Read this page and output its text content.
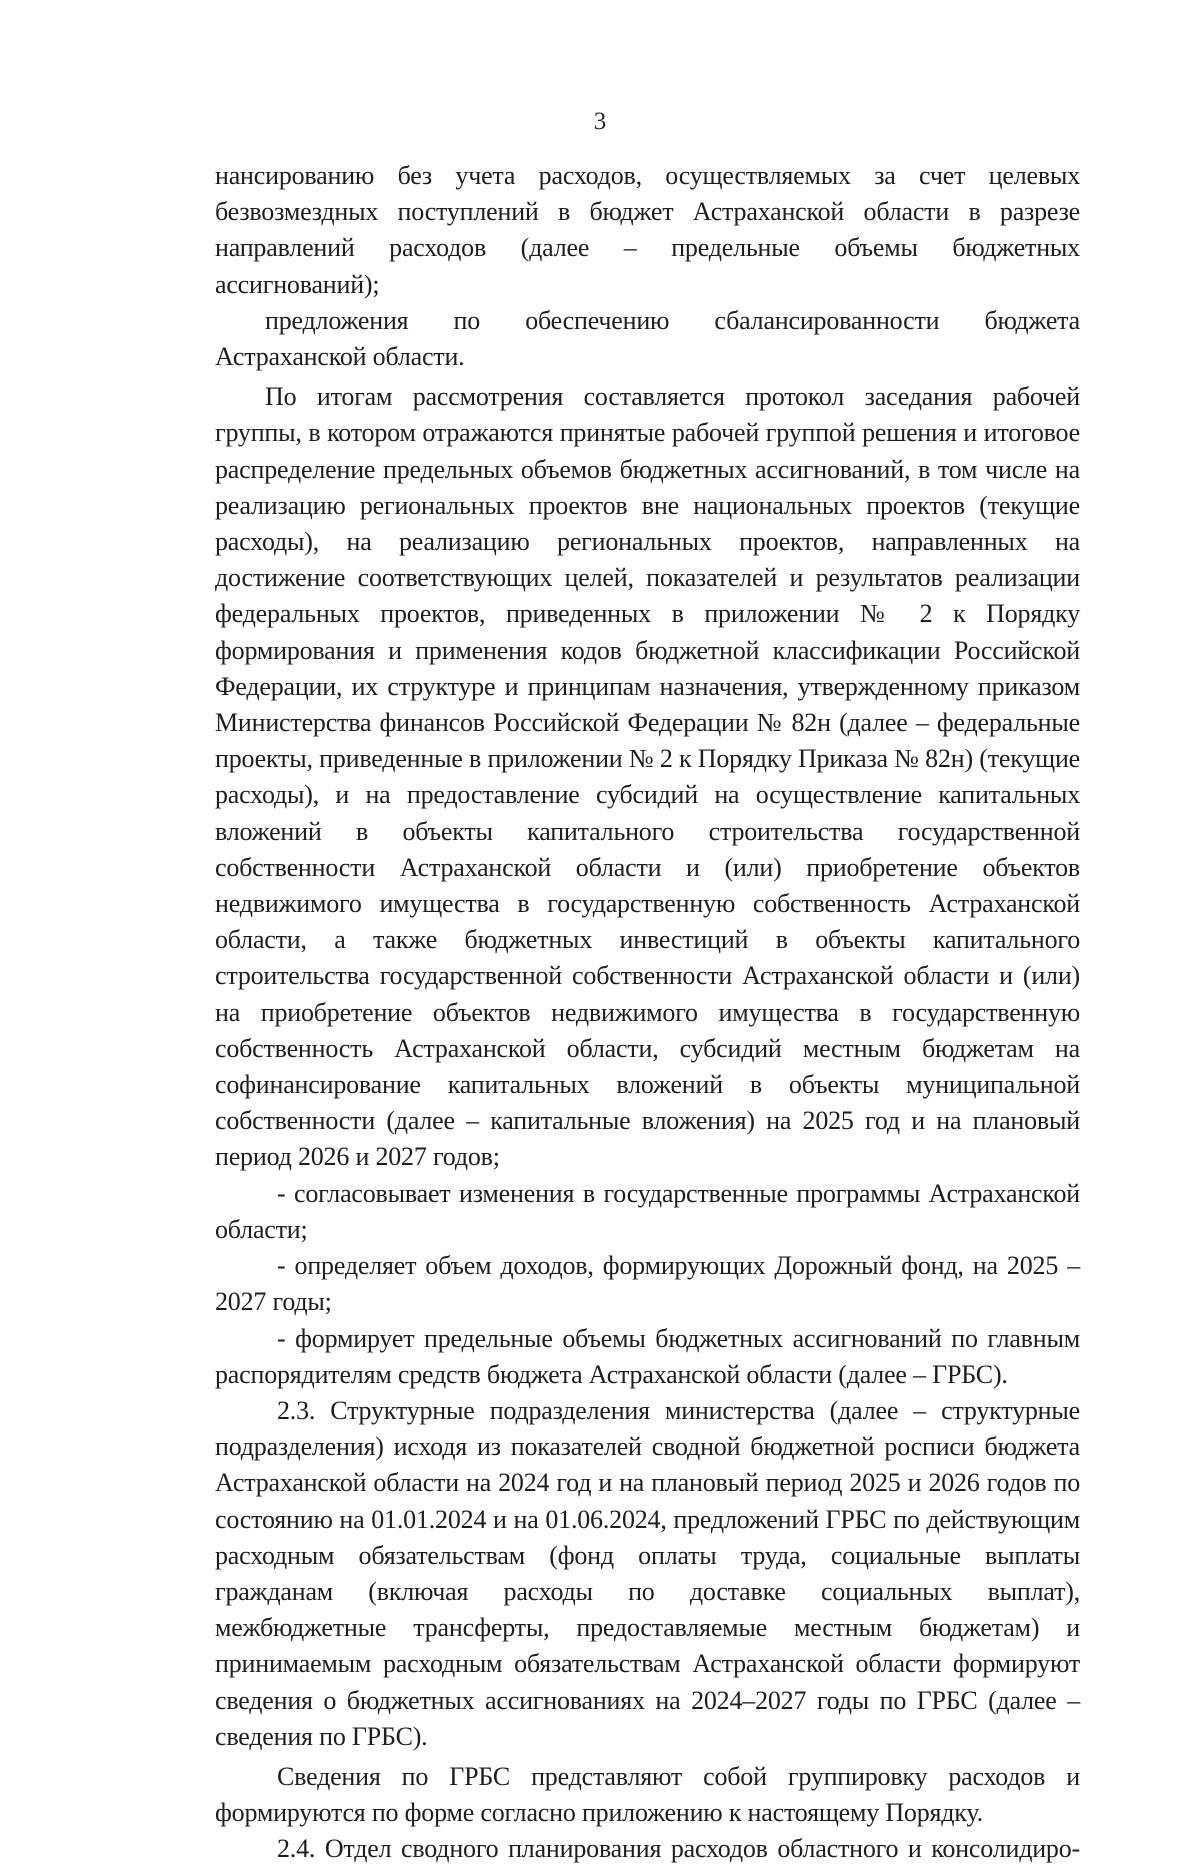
3

нансированию без учета расходов, осуществляемых за счет целевых безвозмездных поступлений в бюджет Астраханской области в разрезе направлений расходов (далее – предельные объемы бюджетных ассигнований);

предложения по обеспечению сбалансированности бюджета Астраханской области.

По итогам рассмотрения составляется протокол заседания рабочей группы, в котором отражаются принятые рабочей группой решения и итоговое распределение предельных объемов бюджетных ассигнований, в том числе на реализацию региональных проектов вне национальных проектов (текущие расходы), на реализацию региональных проектов, направленных на достижение соответствующих целей, показателей и результатов реализации федеральных проектов, приведенных в приложении № 2 к Порядку формирования и применения кодов бюджетной классификации Российской Федерации, их структуре и принципам назначения, утвержденному приказом Министерства финансов Российской Федерации № 82н (далее – федеральные проекты, приведенные в приложении № 2 к Порядку Приказа № 82н) (текущие расходы), и на предоставление субсидий на осуществление капитальных вложений в объекты капитального строительства государственной собственности Астраханской области и (или) приобретение объектов недвижимого имущества в государственную собственность Астраханской области, а также бюджетных инвестиций в объекты капитального строительства государственной собственности Астраханской области и (или) на приобретение объектов недвижимого имущества в государственную собственность Астраханской области, субсидий местным бюджетам на софинансирование капитальных вложений в объекты муниципальной собственности (далее – капитальные вложения) на 2025 год и на плановый период 2026 и 2027 годов;

- согласовывает изменения в государственные программы Астраханской области;

- определяет объем доходов, формирующих Дорожный фонд, на 2025 – 2027 годы;

- формирует предельные объемы бюджетных ассигнований по главным распорядителям средств бюджета Астраханской области (далее – ГРБС).

2.3. Структурные подразделения министерства (далее – структурные подразделения) исходя из показателей сводной бюджетной росписи бюджета Астраханской области на 2024 год и на плановый период 2025 и 2026 годов по состоянию на 01.01.2024 и на 01.06.2024, предложений ГРБС по действующим расходным обязательствам (фонд оплаты труда, социальные выплаты гражданам (включая расходы по доставке социальных выплат), межбюджетные трансферты, предоставляемые местным бюджетам) и принимаемым расходным обязательствам Астраханской области формируют сведения о бюджетных ассигнованиях на 2024–2027 годы по ГРБС (далее – сведения по ГРБС).

Сведения по ГРБС представляют собой группировку расходов и формируются по форме согласно приложению к настоящему Порядку.

2.4. Отдел сводного планирования расходов областного и консолидиро-
